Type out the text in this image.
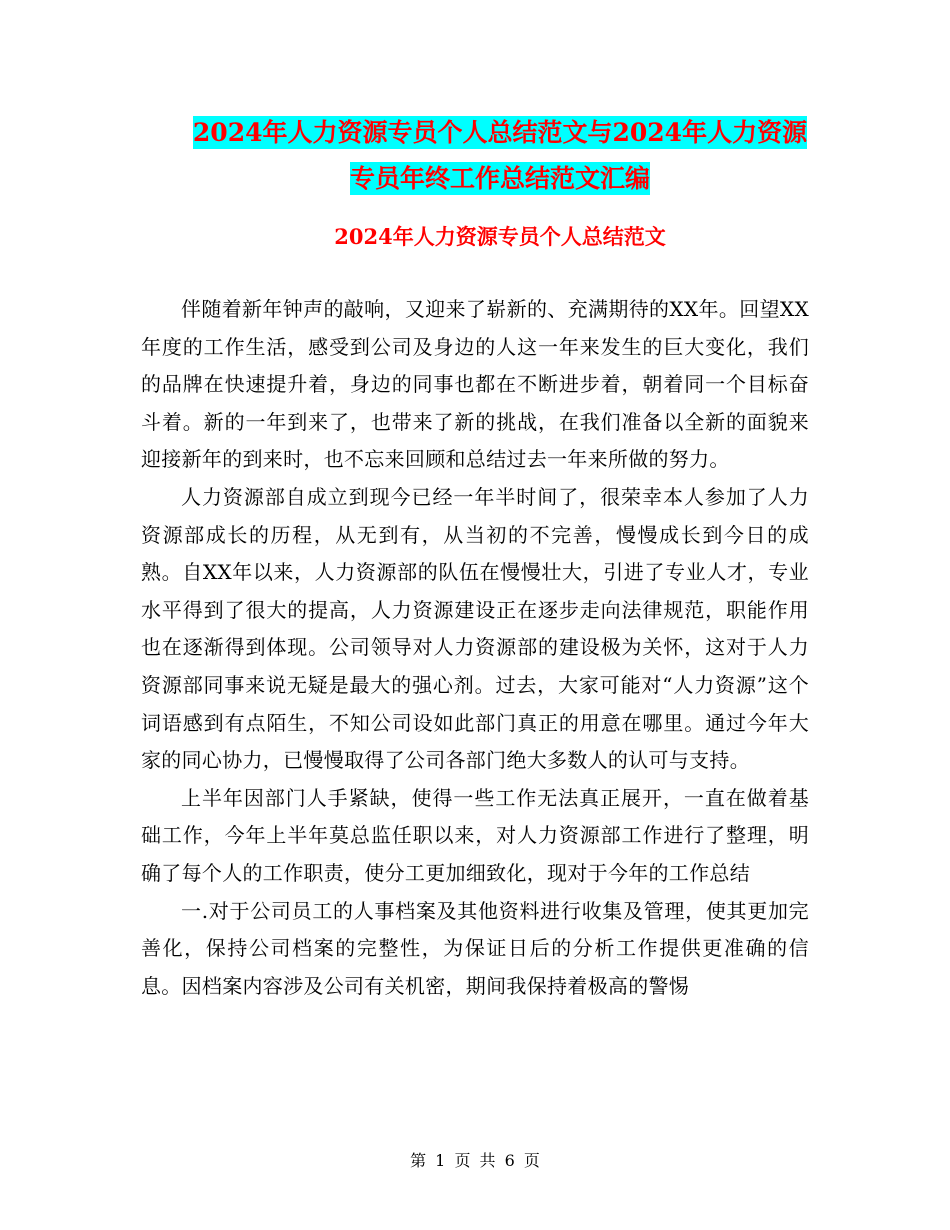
2024年人力资源专员个人总结范文与2024年人力资源
专员年终工作总结范文汇编
2024年人力资源专员个人总结范文

伴随着新年钟声的敲响，又迎来了崭新的、充满期待的XX年。回望XX年度的工作生活，感受到公司及身边的人这一年来发生的巨大变化，我们的品牌在快速提升着，身边的同事也都在不断进步着，朝着同一个目标奋斗着。新的一年到来了，也带来了新的挑战，在我们准备以全新的面貌来迎接新年的到来时，也不忘来回顾和总结过去一年来所做的努力。

人力资源部自成立到现今已经一年半时间了，很荣幸本人参加了人力资源部成长的历程，从无到有，从当初的不完善，慢慢成长到今日的成熟。自XX年以来，人力资源部的队伍在慢慢壮大，引进了专业人才，专业水平得到了很大的提高，人力资源建设正在逐步走向法律规范，职能作用也在逐渐得到体现。公司领导对人力资源部的建设极为关怀，这对于人力资源部同事来说无疑是最大的强心剂。过去，大家可能对“人力资源”这个词语感到有点陌生，不知公司设如此部门真正的用意在哪里。通过今年大家的同心协力，已慢慢取得了公司各部门绝大多数人的认可与支持。

上半年因部门人手紧缺，使得一些工作无法真正展开，一直在做着基础工作，今年上半年莫总监任职以来，对人力资源部工作进行了整理，明确了每个人的工作职责，使分工更加细致化，现对于今年的工作总结

一.对于公司员工的人事档案及其他资料进行收集及管理，使其更加完善化，保持公司档案的完整性，为保证日后的分析工作提供更准确的信息。因档案内容涉及公司有关机密，期间我保持着极高的警惕

第 1 页 共 6 页
